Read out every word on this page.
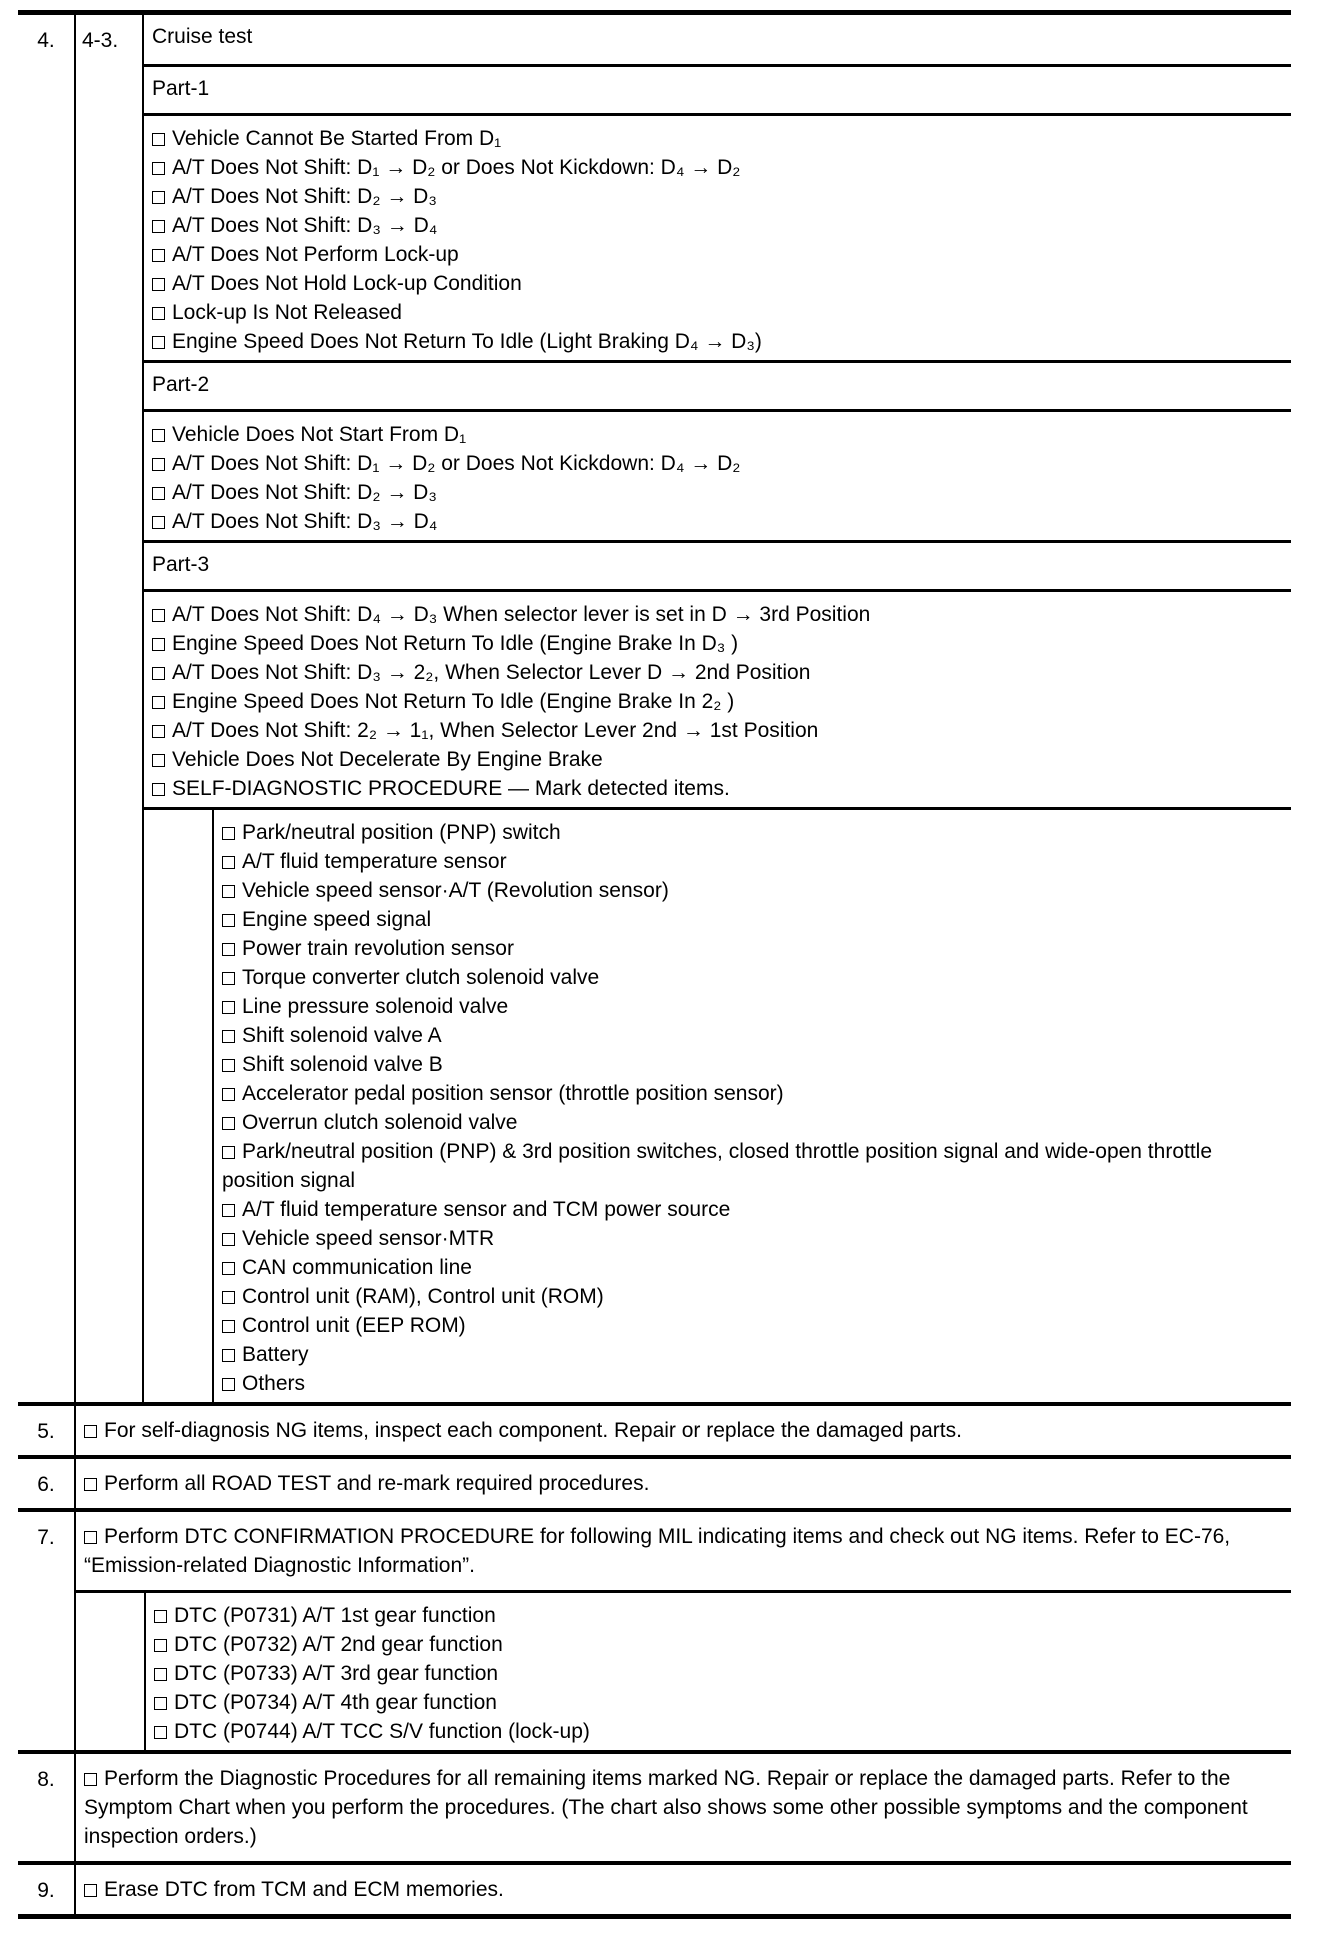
4.	4-3.	Cruise test
Part-1
Vehicle Cannot Be Started From D₁
A/T Does Not Shift: D₁ → D₂ or Does Not Kickdown: D₄ → D₂
A/T Does Not Shift: D₂ → D₃
A/T Does Not Shift: D₃ → D₄
A/T Does Not Perform Lock-up
A/T Does Not Hold Lock-up Condition
Lock-up Is Not Released
Engine Speed Does Not Return To Idle (Light Braking D₄ → D₃)
Part-2
Vehicle Does Not Start From D₁
A/T Does Not Shift: D₁ → D₂ or Does Not Kickdown: D₄ → D₂
A/T Does Not Shift: D₂ → D₃
A/T Does Not Shift: D₃ → D₄
Part-3
A/T Does Not Shift: D₄ → D₃ When selector lever is set in D → 3rd Position
Engine Speed Does Not Return To Idle (Engine Brake In D₃ )
A/T Does Not Shift: D₃ → 2₂, When Selector Lever D → 2nd Position
Engine Speed Does Not Return To Idle (Engine Brake In 2₂ )
A/T Does Not Shift: 2₂ → 1₁, When Selector Lever 2nd → 1st Position
Vehicle Does Not Decelerate By Engine Brake
SELF-DIAGNOSTIC PROCEDURE — Mark detected items.
Park/neutral position (PNP) switch
A/T fluid temperature sensor
Vehicle speed sensor·A/T (Revolution sensor)
Engine speed signal
Power train revolution sensor
Torque converter clutch solenoid valve
Line pressure solenoid valve
Shift solenoid valve A
Shift solenoid valve B
Accelerator pedal position sensor (throttle position sensor)
Overrun clutch solenoid valve
Park/neutral position (PNP) & 3rd position switches, closed throttle position signal and wide-open throttle position signal
A/T fluid temperature sensor and TCM power source
Vehicle speed sensor·MTR
CAN communication line
Control unit (RAM), Control unit (ROM)
Control unit (EEP ROM)
Battery
Others
5.	For self-diagnosis NG items, inspect each component. Repair or replace the damaged parts.
6.	Perform all ROAD TEST and re-mark required procedures.
7.	Perform DTC CONFIRMATION PROCEDURE for following MIL indicating items and check out NG items. Refer to EC-76, “Emission-related Diagnostic Information”.
DTC (P0731) A/T 1st gear function
DTC (P0732) A/T 2nd gear function
DTC (P0733) A/T 3rd gear function
DTC (P0734) A/T 4th gear function
DTC (P0744) A/T TCC S/V function (lock-up)
8.	Perform the Diagnostic Procedures for all remaining items marked NG. Repair or replace the damaged parts. Refer to the Symptom Chart when you perform the procedures. (The chart also shows some other possible symptoms and the component inspection orders.)
9.	Erase DTC from TCM and ECM memories.
